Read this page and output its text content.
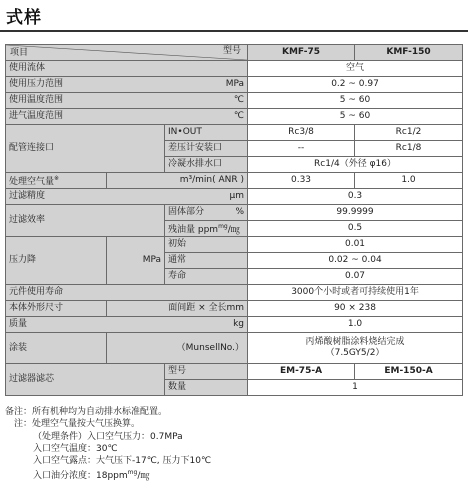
式样
项目 型号			KMF-75	KMF-150
使用流体			空气	

使用压力范围 MPa			0.2 ~ 0.97	

使用温度范围 ℃			5 ~ 60	

进气温度范围 ℃			5 ~ 60	
配管连接口		IN•OUT	Rc3/8	Rc1/2
		差压计安装口	--	Rc1/8
		冷凝水排水口	Rc1/4（外径 φ16）	
处理空气量※	m³/min( ANR )		0.33	1.0

过滤精度 μm			0.3	
过滤效率		固体部分 %	99.9999	
		残油量 ppm$^{mg}$/㎎	0.5	
压力降	MPa	初始	0.01	
		通常	0.02 ~ 0.04	
		寿命	0.07	
元件使用寿命			3000个小时或者可持续使用1年	
本体外形尺寸	面间距 × 全长mm		90 × 238	

质量 kg			1.0	
涂装	（MunsellNo.）		丙烯酸树脂涂料烧结完成
（7.5GY5/2）	

过滤器滤芯		型号	EM-75-A	EM-150-A
		数量	1	
备注：所有机种均为自动排水标准配置。
　注：处理空气量按大气压换算。
（处理条件）入口空气压力：0.7MPa
入口空气温度：30℃
入口空气露点：大气压下-17℃, 压力下10℃
入口油分浓度：18ppm$^{mg}$/㎎
